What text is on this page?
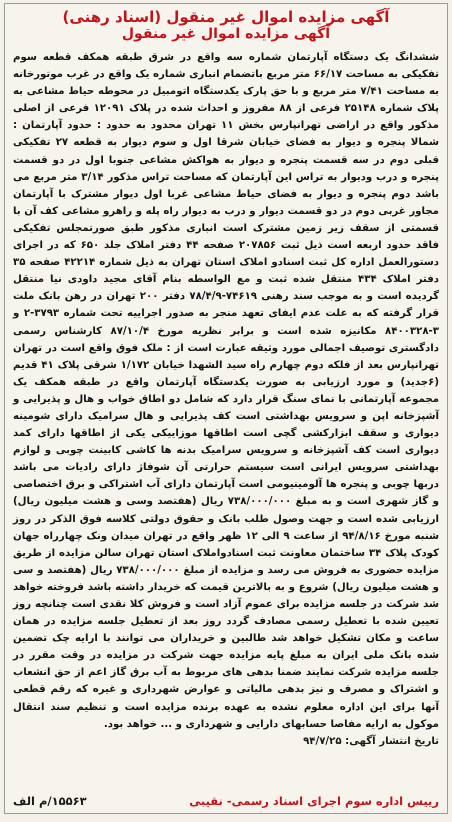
آگهی مزایده اموال غیر منقول (اسناد رهنی)
آگهی مزایده اموال غیر منقول

ششدانگ یک دستگاه آپارتمان شماره سه واقع در شرق طبقه همکف قطعه سوم تفکیکی به مساحت ۶۶/۱۷ متر مربع باتضمام انباری شماره یک واقع در غرب موتورخانه به مساحت ۷/۴۱ متر مربع و با حق پارک یکدستگاه اتومبیل در محوطه حیاط مشاعی به پلاک شماره ۲۵۱۴۸ فرعی از ۸۸ مفروز و احداث شده در پلاک ۱۲۰۹۱ فرعی از اصلی مذکور واقع در اراضی تهرانپارس بخش ۱۱ تهران محدود به حدود : حدود آپارتمان : شمالا پنجره و دیوار به فضای خیابان شرقا اول و سوم دیوار به قطعه ۲۷ تفکیکی قبلی دوم در سه قسمت پنجره و دیوار به هواکش مشاعی جنوبا اول در دو قسمت پنجره و درب ودیوار به تراس این آپارتمان که مساحت تراس مذکور ۳/۱۴ متر مربع می باشد دوم پنجره و دیوار به فضای حیاط مشاعی غربا اول دیوار مشترک با آپارتمان مجاور غربی دوم در دو قسمت دیوار و درب به دیوار راه پله و راهرو مشاعی کف آن با قسمتی از سقف زیر زمین مشترک است انباری مذکور طبق صورتمجلس تفکیکی فاقد حدود اربعه است ذیل ثبت ۲۰۷۸۵۶ صفحه ۴۴ دفتر املاک جلد ۶۵۰ که در اجرای دستورالعمل اداره کل ثبت اسنادو املاک استان تهران به ذیل شماره ۴۲۲۱۴ صفحه ۳۵ دفتر املاک ۴۳۴ منتقل شده ثبت و مع الواسطه بنام آقای مجید داودی نیا منتقل گردیده است و به موجب سند رهنی ۷۴۶۱۹-۷۸/۴/۹ دفتر ۲۰۰ تهران در رهن بانک ملت قرار گرفته که به علت عدم ایفای تعهد منجر به صدور اجراییه تحت شماره ۳۷۹۳-۲ و ۳-۸۴۰۰۳۲۸ مکانیزه شده است و برابر نظریه مورخ ۸۷/۱۰/۴ کارشناس رسمی دادگستری توصیف اجمالی مورد وثیقه عبارت است از : ملک فوق واقع است در تهران تهرانپارس بعد از فلکه دوم چهارم راه سید الشهدا خیابان ۱/۱۷۲ شرقی پلاک ۴۱ قدیم (۶جدید) و مورد ارزیابی به صورت یکدستگاه آپارتمان واقع در طبقه همکف یک مجموعه آپارتمانی با نمای سنگ قرار دارد که شامل دو اطاق خواب و هال و پذیرایی و آشپزخانه اپن و سرویس بهداشتی است کف پذیرایی و هال سرامیک دارای شومینه دیواری و سقف ابزارکشی گچی است اطاقها موزاییکی یکی از اطاقها دارای کمد دیواری است کف آشپزخانه و سرویس سرامیک بدنه ها کاشی کابینت چوبی و لوازم بهداشتی سرویس ایرانی است سیستم حرارتی آن شوفاژ دارای رادیات می باشد دربها چوبی و پنجره ها آلومینیومی است آپارتمان دارای آب اشتراکی و برق اختصاصی و گاز شهری است و به مبلغ ۷۳۸/۰۰۰/۰۰۰ ریال (هفتصد وسی و هشت میلیون ریال) ارزیابی شده است و جهت وصول طلب بانک و حقوق دولتی کلاسه فوق الذکر در روز شنبه مورخ ۹۴/۸/۱۶ از ساعت ۹ الی ۱۲ ظهر واقع در تهران میدان ونک چهارراه جهان کودک پلاک ۳۴ ساختمان معاونت ثبت اسنادواملاک استان تهران سالن مزایده از طریق مزایده حضوری به فروش می رسد و مزایده از مبلغ ۷۳۸/۰۰۰/۰۰۰ ریال (هفتصد و سی و هشت میلیون ریال) شروع و به بالاترین قیمت که خریدار داشته باشد فروخته خواهد شد شرکت در جلسه مزایده برای عموم آزاد است و فروش کلا نقدی است چنانچه روز تعیین شده با تعطیل رسمی مصادف گردد روز بعد از تعطیل جلسه مزایده در همان ساعت و مکان تشکیل خواهد شد طالبین و خریداران می توانند با ارایه چک تضمین شده بانک ملی ایران به مبلغ پایه مزایده جهت شرکت در مزایده در وقت مقرر در جلسه مزایده شرکت نمایند ضمنا بدهی های مربوط به آب برق گاز اعم از حق انشعاب و اشتراک و مصرف و نیز بدهی مالیاتی و عوارض شهرداری و غیره که رقم قطعی آنها برای این اداره معلوم نشده به عهده برنده مزایده است و تنظیم سند انتقال موکول به ارایه مفاصا حسابهای دارایی و شهرداری و ... خواهد بود.

تاریخ انتشار آگهی: ۹۴/۷/۲۵

رییس اداره سوم اجرای اسناد رسمی- نقیبی
۱۵۵۶۳/م الف
